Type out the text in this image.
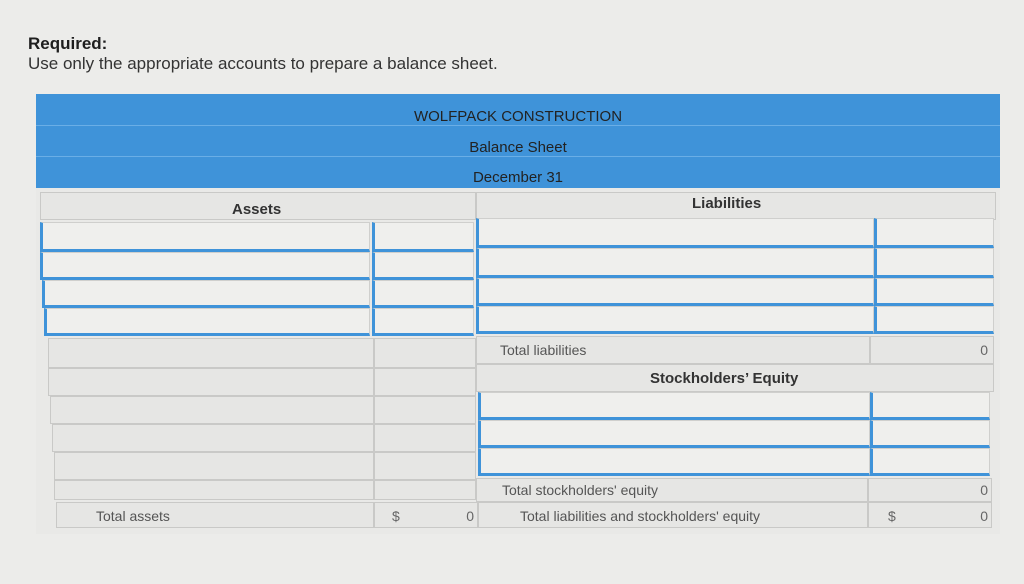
Required:
Use only the appropriate accounts to prepare a balance sheet.
WOLFPACK CONSTRUCTION
Balance Sheet
December 31
Assets	Liabilities
Total liabilities	0
Stockholders’ Equity
Total stockholders' equity	0
Total assets	$	0	Total liabilities and stockholders' equity	$	0
